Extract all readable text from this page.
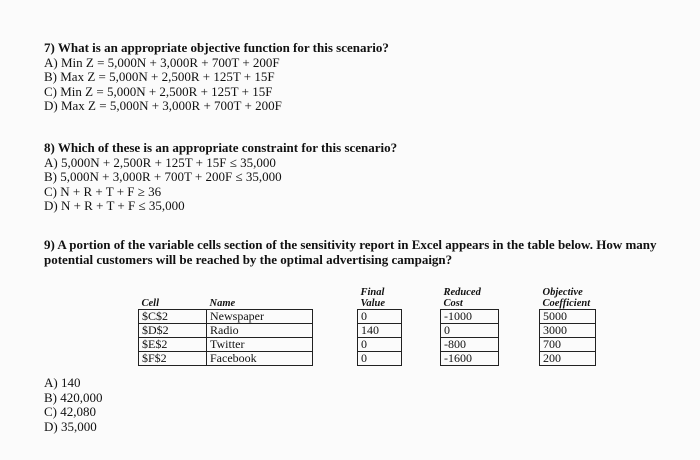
7) What is an appropriate objective function for this scenario?
A) Min Z = 5,000N + 3,000R + 700T + 200F
B) Max Z = 5,000N + 2,500R + 125T + 15F
C) Min Z = 5,000N + 2,500R + 125T + 15F
D) Max Z = 5,000N + 3,000R + 700T + 200F
8) Which of these is an appropriate constraint for this scenario?
A) 5,000N + 2,500R + 125T + 15F ≤ 35,000
B) 5,000N + 3,000R + 700T + 200F ≤ 35,000
C) N + R + T + F ≥ 36
D) N + R + T + F ≤ 35,000
9) A portion of the variable cells section of the sensitivity report in Excel appears in the table below. How many potential customers will be reached by the optimal advertising campaign?
Cell	Name		Final Value		Reduced Cost		Objective Coefficient
$C$2	Newspaper		0		-1000		5000
$D$2	Radio		140		0		3000
$E$2	Twitter		0		-800		700
$F$2	Facebook		0		-1600		200
A) 140
B) 420,000
C) 42,080
D) 35,000
